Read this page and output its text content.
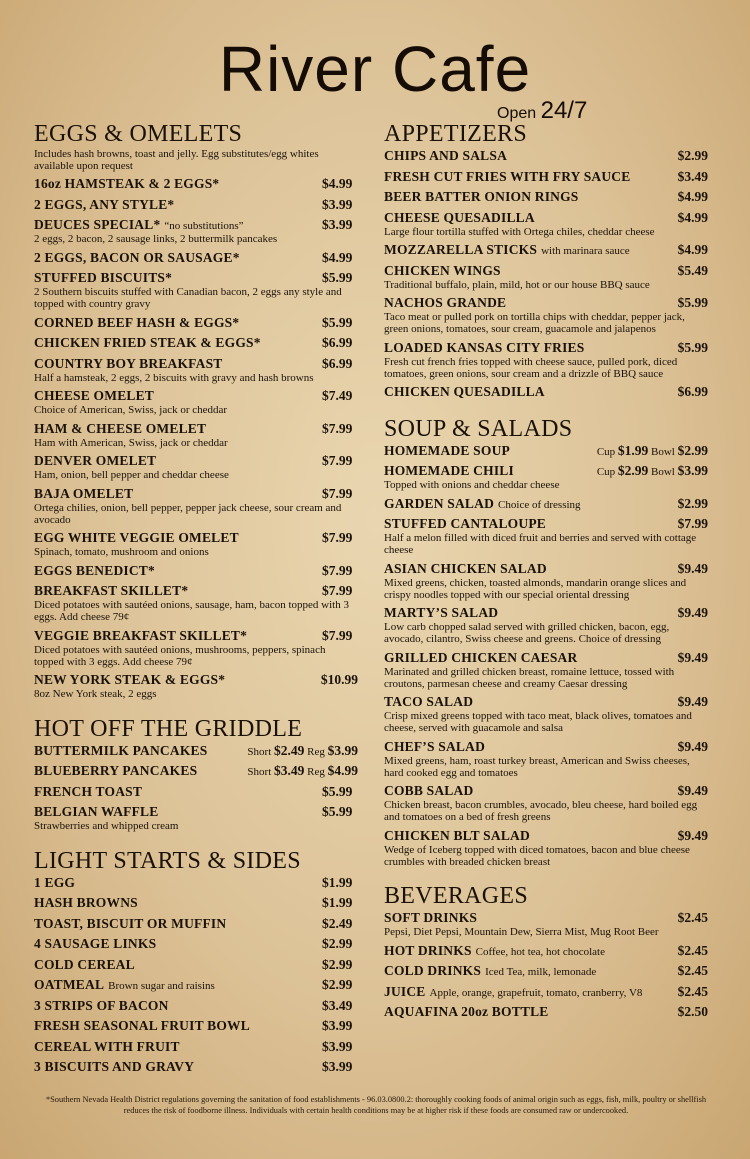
River Cafe
Open 24/7
EGGS & OMELETS
Includes hash browns, toast and jelly. Egg substitutes/egg whites available upon request
16oz HAMSTEAK & 2 EGGS*	$4.99
2 EGGS, ANY STYLE*	$3.99
DEUCES SPECIAL* “no substitutions”	$3.99
2 eggs, 2 bacon, 2 sausage links, 2 buttermilk pancakes
2 EGGS, BACON OR SAUSAGE*	$4.99
STUFFED BISCUITS*	$5.99
2 Southern biscuits stuffed with Canadian bacon, 2 eggs any style and topped with country gravy
CORNED BEEF HASH & EGGS*	$5.99
CHICKEN FRIED STEAK & EGGS*	$6.99
COUNTRY BOY BREAKFAST	$6.99
Half a hamsteak, 2 eggs, 2 biscuits with gravy and hash browns
CHEESE OMELET	$7.49
Choice of American, Swiss, jack or cheddar
HAM & CHEESE OMELET	$7.99
Ham with American, Swiss, jack or cheddar
DENVER OMELET	$7.99
Ham, onion, bell pepper and cheddar cheese
BAJA OMELET	$7.99
Ortega chilies, onion, bell pepper, pepper jack cheese, sour cream and avocado
EGG WHITE VEGGIE OMELET	$7.99
Spinach, tomato, mushroom and onions
EGGS BENEDICT*	$7.99
BREAKFAST SKILLET*	$7.99
Diced potatoes with sautéed onions, sausage, ham, bacon topped with 3 eggs. Add cheese 79¢
VEGGIE BREAKFAST SKILLET*	$7.99
Diced potatoes with sautéed onions, mushrooms, peppers, spinach topped with 3 eggs. Add cheese 79¢
NEW YORK STEAK & EGGS*	$10.99
8oz New York steak, 2 eggs
HOT OFF THE GRIDDLE
BUTTERMILK PANCAKES	Short $2.49 Reg $3.99
BLUEBERRY PANCAKES	Short $3.49 Reg $4.99
FRENCH TOAST	$5.99
BELGIAN WAFFLE	$5.99
Strawberries and whipped cream
LIGHT STARTS & SIDES
1 EGG	$1.99
HASH BROWNS	$1.99
TOAST, BISCUIT OR MUFFIN	$2.49
4 SAUSAGE LINKS	$2.99
COLD CEREAL	$2.99
OATMEAL Brown sugar and raisins	$2.99
3 STRIPS OF BACON	$3.49
FRESH SEASONAL FRUIT BOWL	$3.99
CEREAL WITH FRUIT	$3.99
3 BISCUITS AND GRAVY	$3.99
APPETIZERS
CHIPS AND SALSA	$2.99
FRESH CUT FRIES WITH FRY SAUCE	$3.49
BEER BATTER ONION RINGS	$4.99
CHEESE QUESADILLA	$4.99
Large flour tortilla stuffed with Ortega chiles, cheddar cheese
MOZZARELLA STICKS with marinara sauce	$4.99
CHICKEN WINGS	$5.49
Traditional buffalo, plain, mild, hot or our house BBQ sauce
NACHOS GRANDE	$5.99
Taco meat or pulled pork on tortilla chips with cheddar, pepper jack, green onions, tomatoes, sour cream, guacamole and jalapenos
LOADED KANSAS CITY FRIES	$5.99
Fresh cut french fries topped with cheese sauce, pulled pork, diced tomatoes, green onions, sour cream and a drizzle of BBQ sauce
CHICKEN QUESADILLA	$6.99
SOUP & SALADS
HOMEMADE SOUP	Cup $1.99 Bowl $2.99
HOMEMADE CHILI	Cup $2.99 Bowl $3.99
Topped with onions and cheddar cheese
GARDEN SALAD Choice of dressing	$2.99
STUFFED CANTALOUPE	$7.99
Half a melon filled with diced fruit and berries and served with cottage cheese
ASIAN CHICKEN SALAD	$9.49
Mixed greens, chicken, toasted almonds, mandarin orange slices and crispy noodles topped with our special oriental dressing
MARTY’S SALAD	$9.49
Low carb chopped salad served with grilled chicken, bacon, egg, avocado, cilantro, Swiss cheese and greens. Choice of dressing
GRILLED CHICKEN CAESAR	$9.49
Marinated and grilled chicken breast, romaine lettuce, tossed with croutons, parmesan cheese and creamy Caesar dressing
TACO SALAD	$9.49
Crisp mixed greens topped with taco meat, black olives, tomatoes and cheese, served with guacamole and salsa
CHEF’S SALAD	$9.49
Mixed greens, ham, roast turkey breast, American and Swiss cheeses, hard cooked egg and tomatoes
COBB SALAD	$9.49
Chicken breast, bacon crumbles, avocado, bleu cheese, hard boiled egg and tomatoes on a bed of fresh greens
CHICKEN BLT SALAD	$9.49
Wedge of Iceberg topped with diced tomatoes, bacon and blue cheese crumbles with breaded chicken breast
BEVERAGES
SOFT DRINKS	$2.45
Pepsi, Diet Pepsi, Mountain Dew, Sierra Mist, Mug Root Beer
HOT DRINKS Coffee, hot tea, hot chocolate	$2.45
COLD DRINKS Iced Tea, milk, lemonade	$2.45
JUICE Apple, orange, grapefruit, tomato, cranberry, V8	$2.45
AQUAFINA 20oz BOTTLE	$2.50
*Southern Nevada Health District regulations governing the sanitation of food establishments - 96.03.0800.2: thoroughly cooking foods of animal origin such as eggs, fish, milk, poultry or shellfish reduces the risk of foodborne illness. Individuals with certain health conditions may be at higher risk if these foods are consumed raw or undercooked.
